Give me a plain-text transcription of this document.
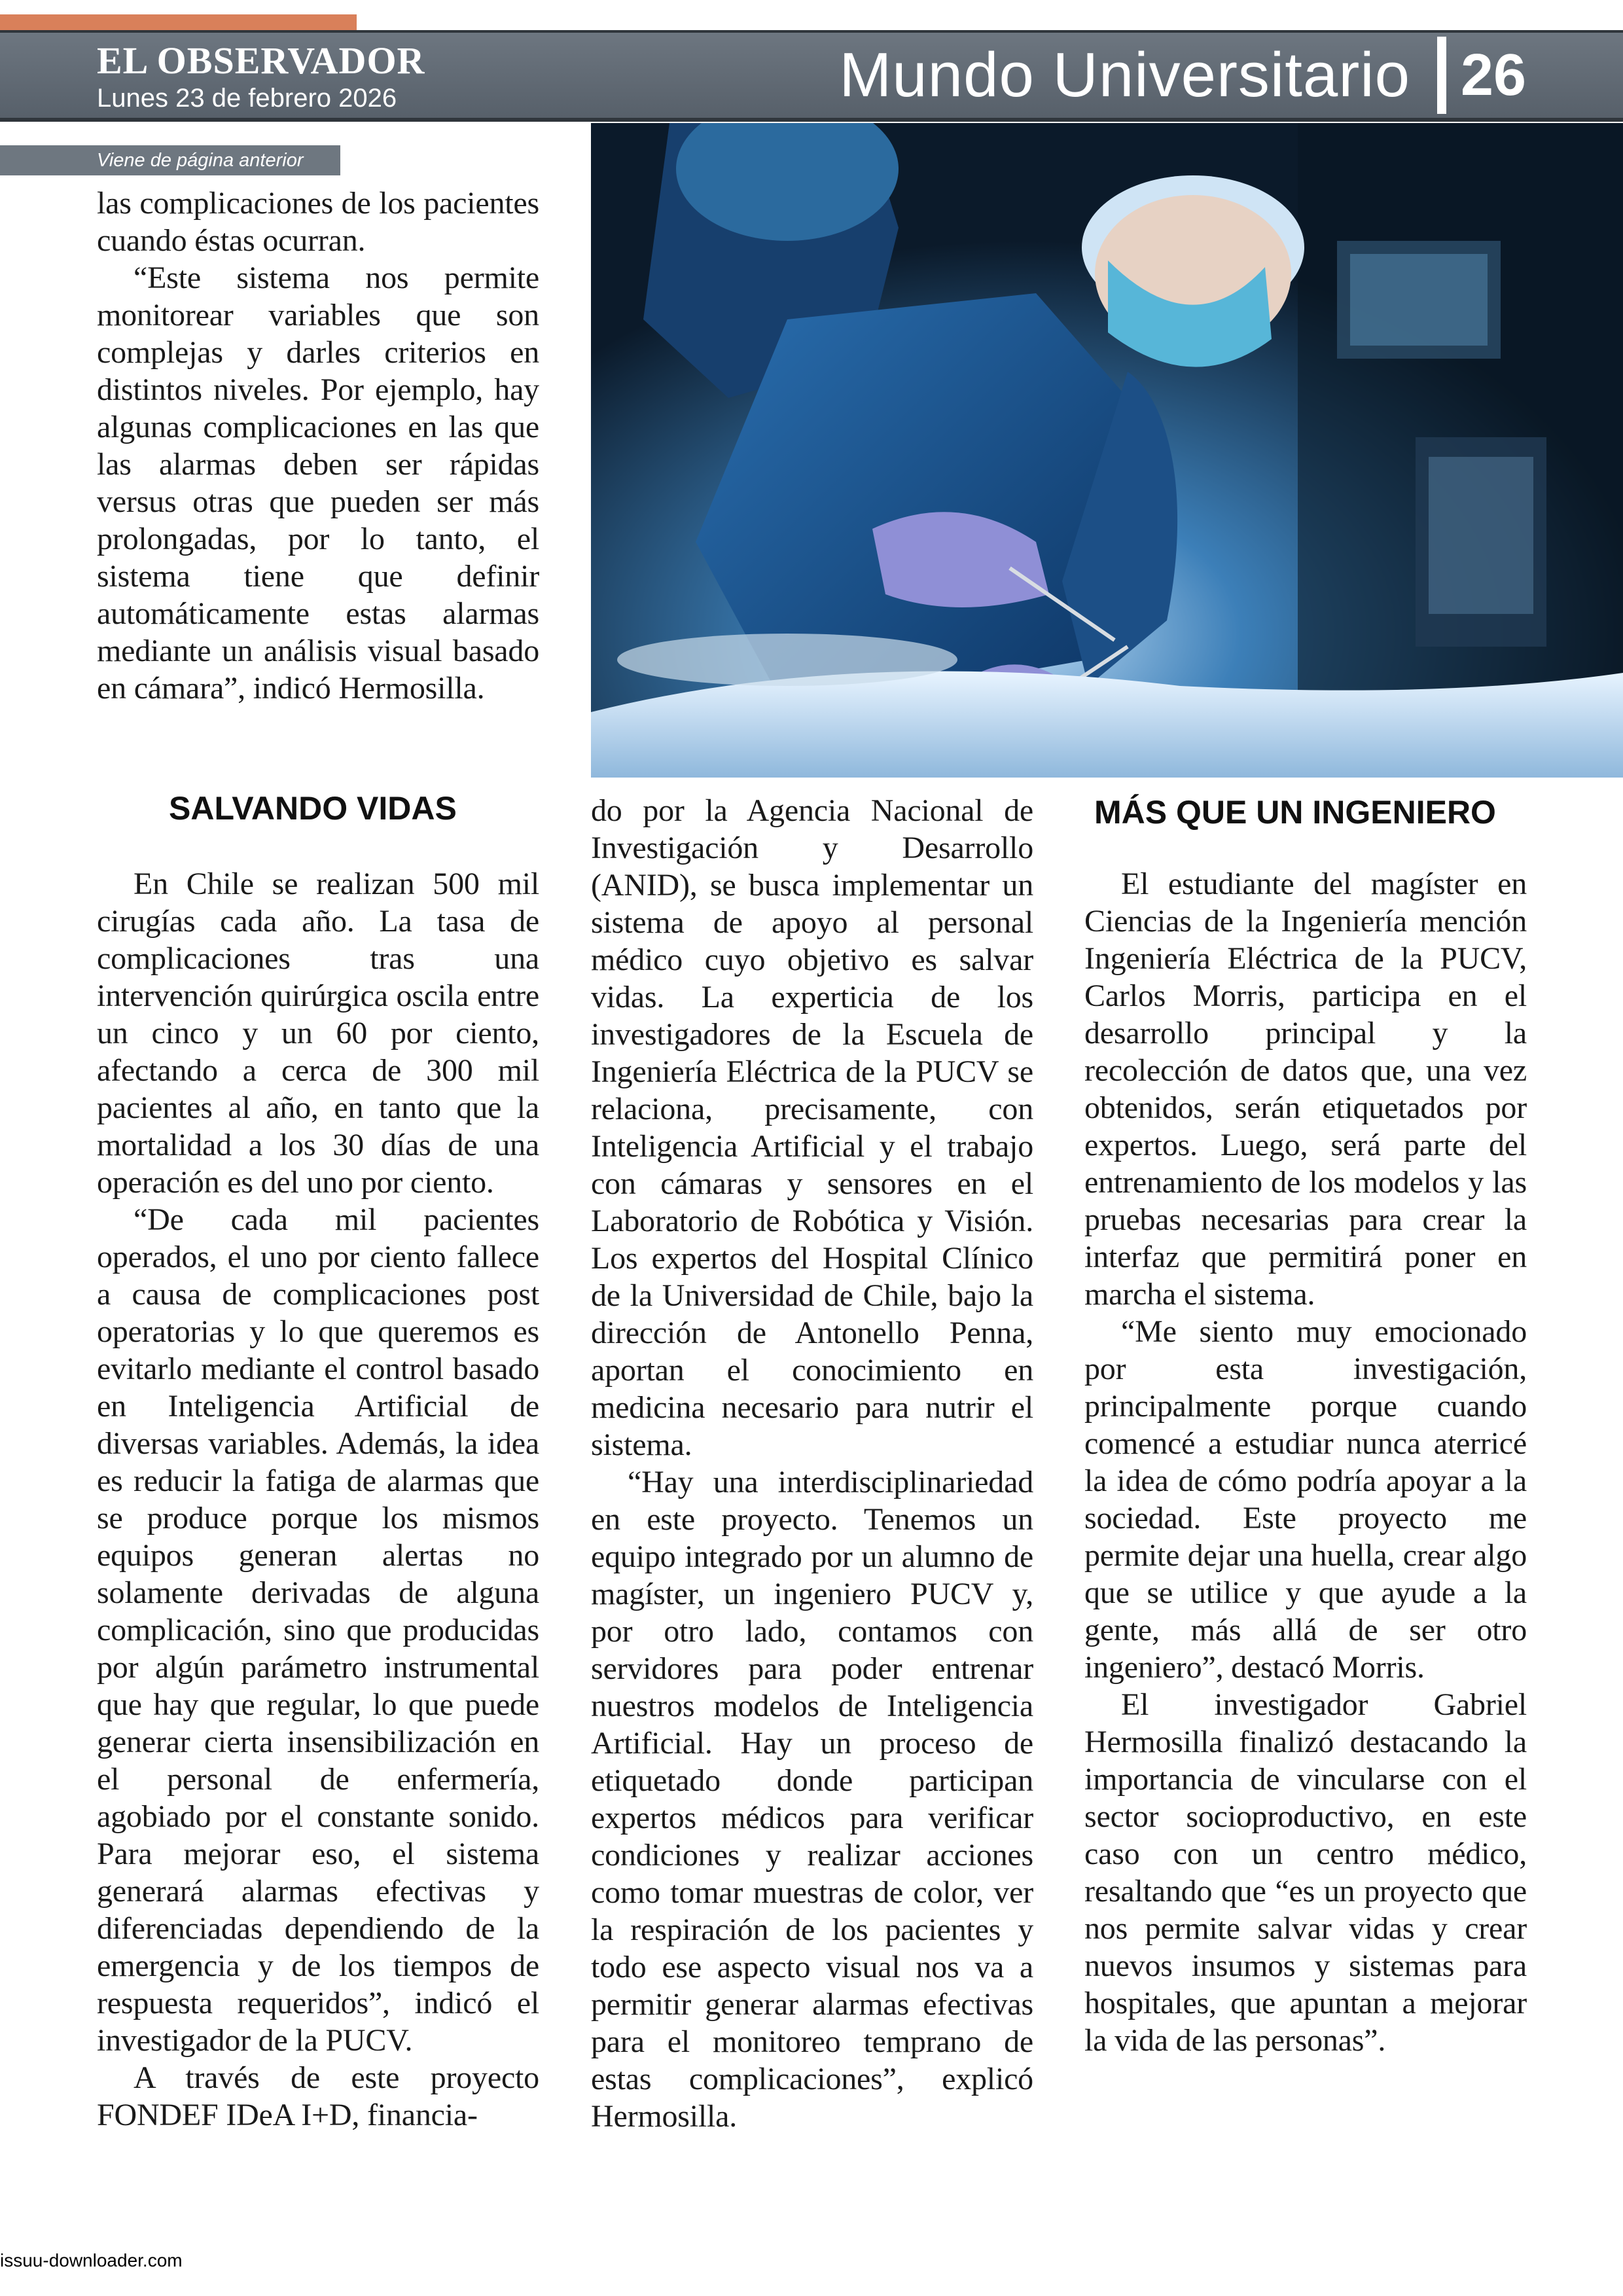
EL OBSERVADOR
Lunes 23 de febrero 2026	Mundo Universitario 26
Viene de página anterior

las complicaciones de los pacientes cuando éstas ocurran.

“Este sistema nos permite monitorear variables que son complejas y darles criterios en distintos niveles. Por ejemplo, hay algunas complicaciones en las que las alarmas deben ser rápidas versus otras que pueden ser más prolongadas, por lo tanto, el sistema tiene que definir automáticamente estas alarmas mediante un análisis visual basado en cámara”, indicó Hermosilla.

SALVANDO VIDAS

En Chile se realizan 500 mil cirugías cada año. La tasa de complicaciones tras una intervención quirúrgica oscila entre un cinco y un 60 por ciento, afectando a cerca de 300 mil pacientes al año, en tanto que la mortalidad a los 30 días de una operación es del uno por ciento.

“De cada mil pacientes operados, el uno por ciento fallece a causa de complicaciones post operatorias y lo que queremos es evitarlo mediante el control basado en Inteligencia Artificial de diversas variables. Además, la idea es reducir la fatiga de alarmas que se produce porque los mismos equipos generan alertas no solamente derivadas de alguna complicación, sino que producidas por algún parámetro instrumental que hay que regular, lo que puede generar cierta insensibilización en el personal de enfermería, agobiado por el constante sonido. Para mejorar eso, el sistema generará alarmas efectivas y diferenciadas dependiendo de la emergencia y de los tiempos de respuesta requeridos”, indicó el investigador de la PUCV.

A través de este proyecto FONDEF IDeA I+D, financia-

do por la Agencia Nacional de Investigación y Desarrollo (ANID), se busca implementar un sistema de apoyo al personal médico cuyo objetivo es salvar vidas. La experticia de los investigadores de la Escuela de Ingeniería Eléctrica de la PUCV se relaciona, precisamente, con Inteligencia Artificial y el trabajo con cámaras y sensores en el Laboratorio de Robótica y Visión. Los expertos del Hospital Clínico de la Universidad de Chile, bajo la dirección de Antonello Penna, aportan el conocimiento en medicina necesario para nutrir el sistema.

“Hay una interdisciplinariedad en este proyecto. Tenemos un equipo integrado por un alumno de magíster, un ingeniero PUCV y, por otro lado, contamos con servidores para poder entrenar nuestros modelos de Inteligencia Artificial. Hay un proceso de etiquetado donde participan expertos médicos para verificar condiciones y realizar acciones como tomar muestras de color, ver la respiración de los pacientes y todo ese aspecto visual nos va a permitir generar alarmas efectivas para el monitoreo temprano de estas complicaciones”, explicó Hermosilla.

MÁS QUE UN INGENIERO

El estudiante del magíster en Ciencias de la Ingeniería mención Ingeniería Eléctrica de la PUCV, Carlos Morris, participa en el desarrollo principal y la recolección de datos que, una vez obtenidos, serán etiquetados por expertos. Luego, será parte del entrenamiento de los modelos y las pruebas necesarias para crear la interfaz que permitirá poner en marcha el sistema.

“Me siento muy emocionado por esta investigación, principalmente porque cuando comencé a estudiar nunca aterricé la idea de cómo podría apoyar a la sociedad. Este proyecto me permite dejar una huella, crear algo que se utilice y que ayude a la gente, más allá de ser otro ingeniero”, destacó Morris.

El investigador Gabriel Hermosilla finalizó destacando la importancia de vincularse con el sector socioproductivo, en este caso con un centro médico, resaltando que “es un proyecto que nos permite salvar vidas y crear nuevos insumos y sistemas para hospitales, que apuntan a mejorar la vida de las personas”.

issuu-downloader.com
